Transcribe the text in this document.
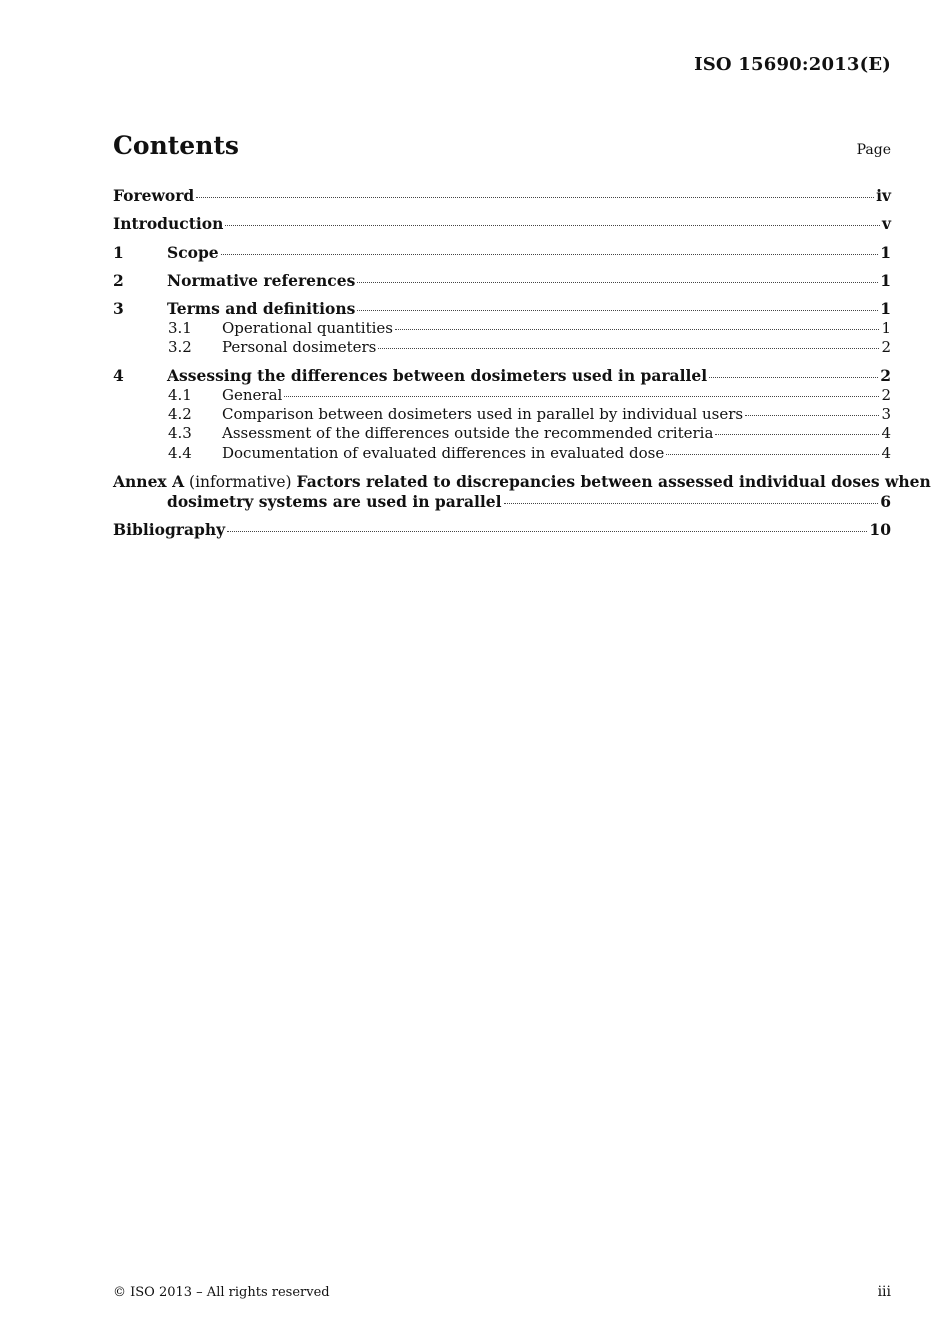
ISO 15690:2013(E)
Contents	Page
Foreword	iv
Introduction	v
1	Scope	1
2	Normative references	1
3	Terms and definitions	1
3.1	Operational quantities	1
3.2	Personal dosimeters	2
4	Assessing the differences between dosimeters used in parallel	2
4.1	General	2
4.2	Comparison between dosimeters used in parallel by individual users	3
4.3	Assessment of the differences outside the recommended criteria	4
4.4	Documentation of evaluated differences in evaluated dose	4
Annex A (informative) Factors related to discrepancies between assessed individual doses when
dosimetry systems are used in parallel	6
Bibliography	10
© ISO 2013 – All rights reserved	iii
